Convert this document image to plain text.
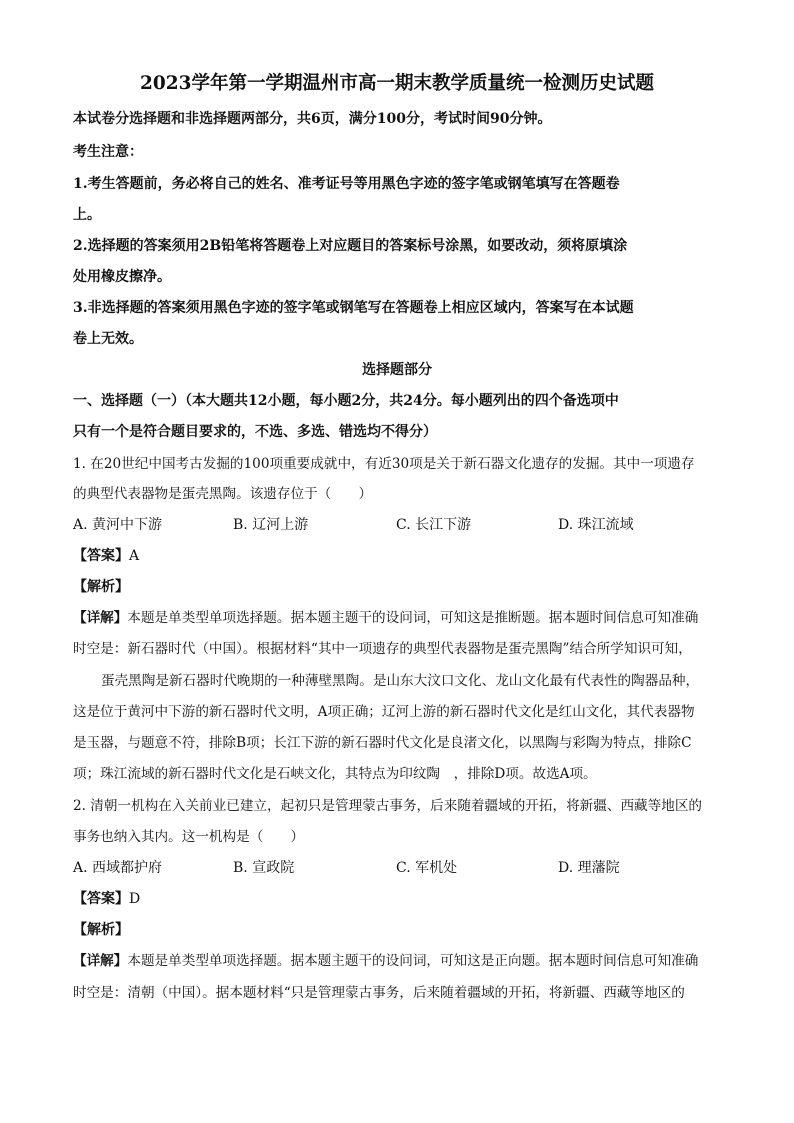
2023学年第一学期温州市高一期末教学质量统一检测历史试题
本试卷分选择题和非选择题两部分，共6页，满分100分，考试时间90分钟。
考生注意：
1.考生答题前，务必将自己的姓名、准考证号等用黑色字迹的签字笔或钢笔填写在答题卷
上。
2.选择题的答案须用2B铅笔将答题卷上对应题目的答案标号涂黑，如要改动，须将原填涂
处用橡皮擦净。
3.非选择题的答案须用黑色字迹的签字笔或钢笔写在答题卷上相应区域内，答案写在本试题
卷上无效。
选择题部分
一、选择题（一）（本大题共12小题，每小题2分，共24分。每小题列出的四个备选项中
只有一个是符合题目要求的，不选、多选、错选均不得分）
1. 在20世纪中国考古发掘的100项重要成就中，有近30项是关于新石器文化遗存的发掘。其中一项遗存
的典型代表器物是蛋壳黑陶。该遗存位于（　　）
A. 黄河中下游	B. 辽河上游	C. 长江下游	D. 珠江流域
【答案】A
【解析】
【详解】本题是单类型单项选择题。据本题主题干的设问词，可知这是推断题。据本题时间信息可知准确
时空是：新石器时代（中国）。根据材料“其中一项遗存的典型代表器物是蛋壳黑陶”结合所学知识可知，
蛋壳黑陶是新石器时代晚期的一种薄壁黑陶。是山东大汶口文化、龙山文化最有代表性的陶器品种，
这是位于黄河中下游的新石器时代文明，A项正确；辽河上游的新石器时代文化是红山文化，其代表器物
是玉器，与题意不符，排除B项；长江下游的新石器时代文化是良渚文化，以黑陶与彩陶为特点，排除C
项；珠江流域的新石器时代文化是石峡文化，其特点为印纹陶　，排除D项。故选A项。
2. 清朝一机构在入关前业已建立，起初只是管理蒙古事务，后来随着疆域的开拓，将新疆、西藏等地区的
事务也纳入其内。这一机构是（　　）
A. 西域都护府	B. 宣政院	C. 军机处	D. 理藩院
【答案】D
【解析】
【详解】本题是单类型单项选择题。据本题主题干的设问词，可知这是正向题。据本题时间信息可知准确
时空是：清朝（中国）。据本题材料“只是管理蒙古事务，后来随着疆域的开拓，将新疆、西藏等地区的
